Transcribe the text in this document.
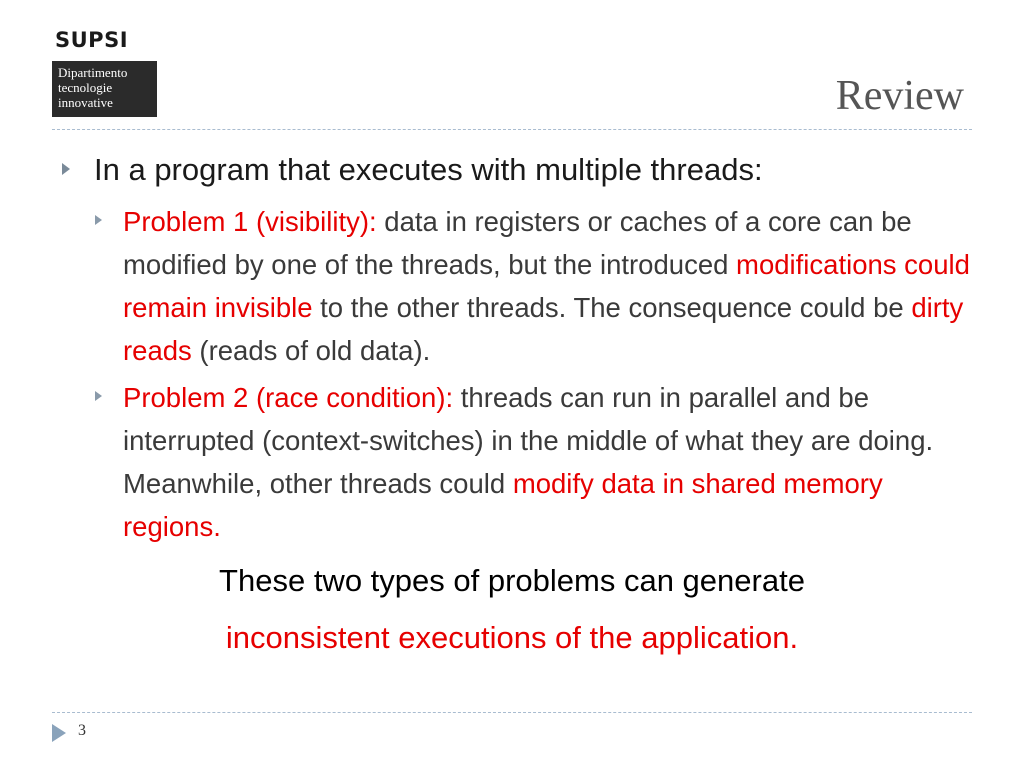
SUPSI
Dipartimento
tecnologie
innovative	Review
In a program that executes with multiple threads:
Problem 1 (visibility): data in registers or caches of a core can be modified by one of the threads, but the introduced modifications could remain invisible to the other threads. The consequence could be dirty reads (reads of old data).
Problem 2 (race condition): threads can run in parallel and be interrupted (context-switches) in the middle of what they are doing. Meanwhile, other threads could modify data in shared memory regions.
These two types of problems can generate
inconsistent executions of the application.
3
